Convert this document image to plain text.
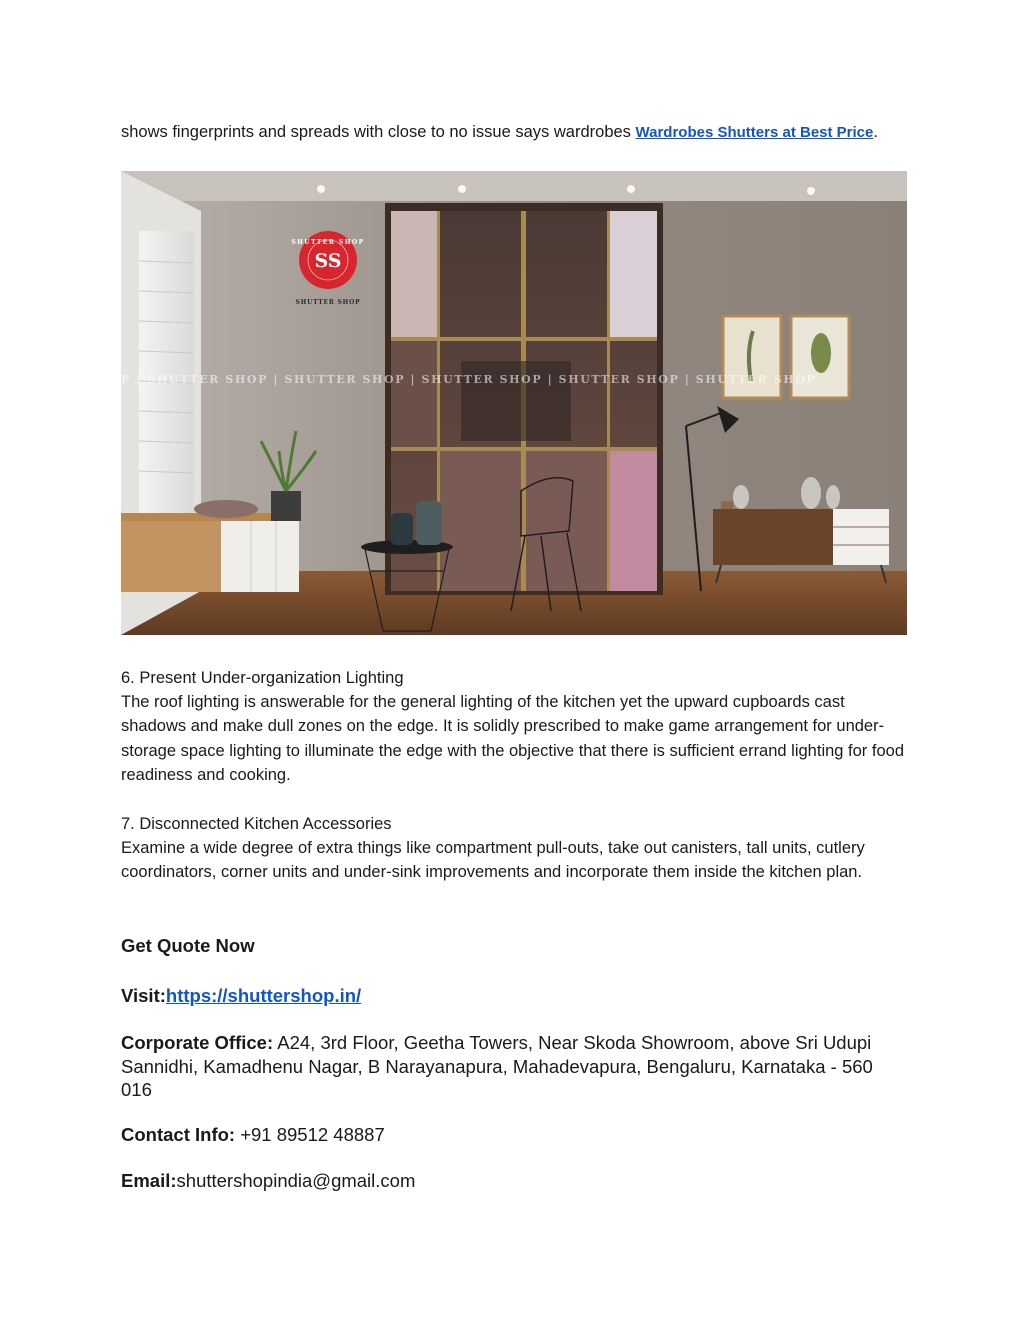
shows fingerprints and spreads with close to no issue says wardrobes Wardrobes Shutters at Best Price.
P | SHUTTER SHOP | SHUTTER SHOP | SHUTTER SHOP | SHUTTER SHOP | SHUTTER SHOP
SS
SHUTTER SHOP
SHUTTER SHOP

6. Present Under-organization Lighting

The roof lighting is answerable for the general lighting of the kitchen yet the upward cupboards cast shadows and make dull zones on the edge. It is solidly prescribed to make game arrangement for under-storage space lighting to illuminate the edge with the objective that there is sufficient errand lighting for food readiness and cooking.

7. Disconnected Kitchen Accessories

Examine a wide degree of extra things like compartment pull-outs, take out canisters, tall units, cutlery coordinators, corner units and under-sink improvements and incorporate them inside the kitchen plan.

Get Quote Now
Visit:https://shuttershop.in/
Corporate Office: A24, 3rd Floor, Geetha Towers, Near Skoda Showroom, above Sri Udupi Sannidhi, Kamadhenu Nagar, B Narayanapura, Mahadevapura, Bengaluru, Karnataka - 560 016
Contact Info: +91 89512 48887
Email:shuttershopindia@gmail.com
